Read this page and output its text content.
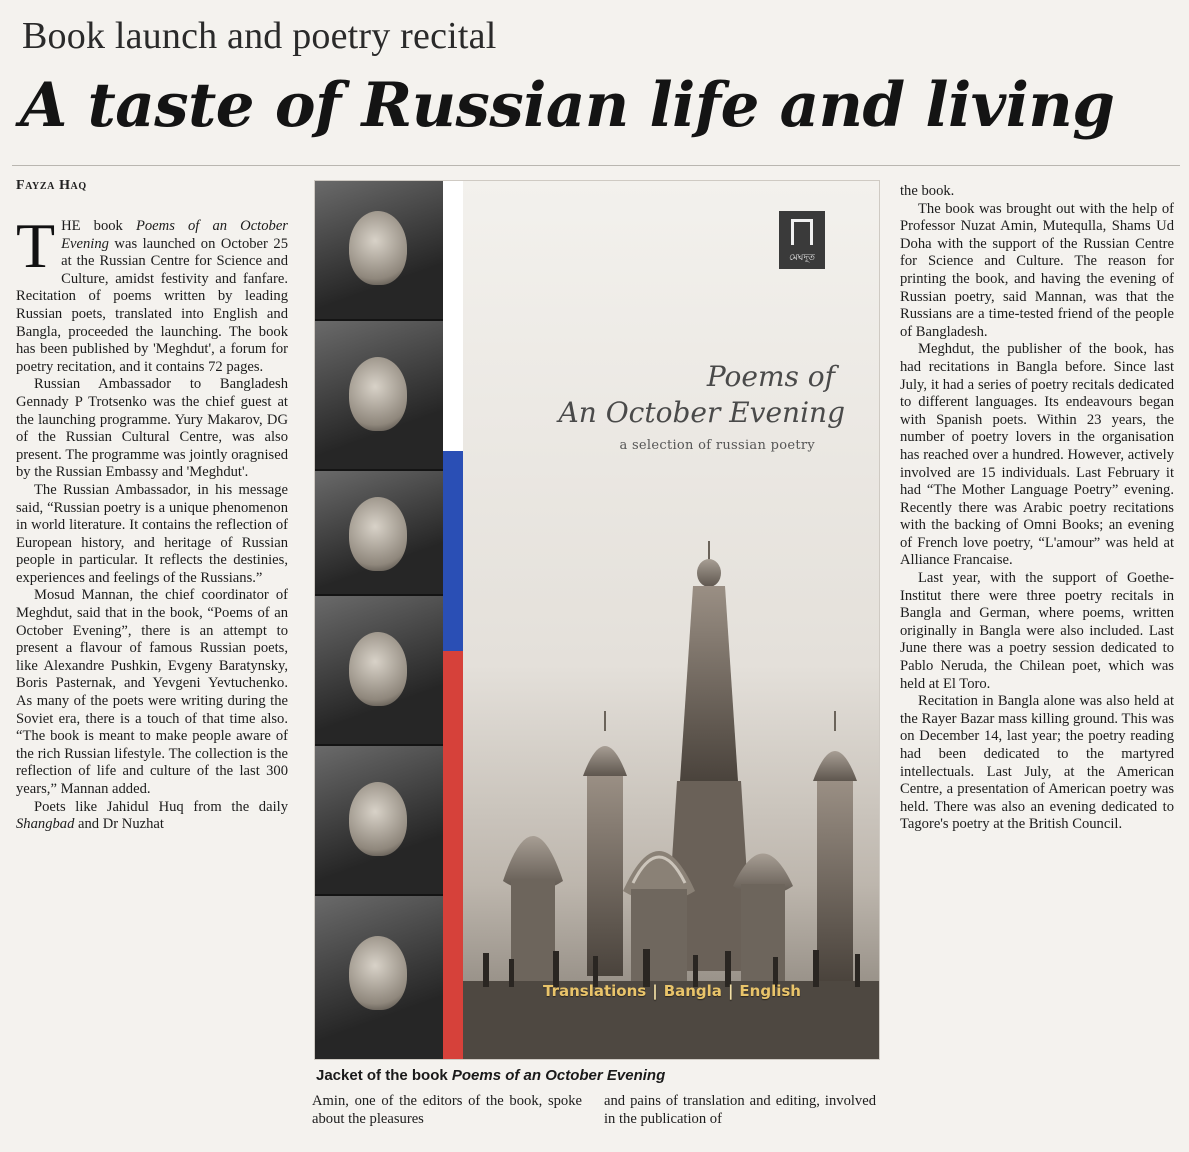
Book launch and poetry recital
A taste of Russian life and living
Fayza Haq

THE book Poems of an October Evening was launched on October 25 at the Russian Centre for Science and Culture, amidst festivity and fanfare. Recitation of poems written by leading Russian poets, translated into English and Bangla, proceeded the launching. The book has been published by 'Meghdut', a forum for poetry recitation, and it contains 72 pages.

Russian Ambassador to Bangladesh Gennady P Trotsenko was the chief guest at the launching programme. Yury Makarov, DG of the Russian Cultural Centre, was also present. The programme was jointly oragnised by the Russian Embassy and 'Meghdut'.

The Russian Ambassador, in his message said, “Russian poetry is a unique phenomenon in world literature. It contains the reflection of European history, and heritage of Russian people in particular. It reflects the destinies, experiences and feelings of the Russians.”

Mosud Mannan, the chief coordinator of Meghdut, said that in the book, “Poems of an October Evening”, there is an attempt to present a flavour of famous Russian poets, like Alexandre Pushkin, Evgeny Baratynsky, Boris Pasternak, and Yevgeni Yevtuchenko. As many of the poets were writing during the Soviet era, there is a touch of that time also. “The book is meant to make people aware of the rich Russian lifestyle. The collection is the reflection of life and culture of the last 300 years,” Mannan added.

Poets like Jahidul Huq from the daily Shangbad and Dr Nuzhat

মেঘদূত
Poems of
An October Evening
a selection of russian poetry
Translations | Bangla | English
Jacket of the book Poems of an October Evening

Amin, one of the editors of the book, spoke about the pleasures

and pains of translation and editing, involved in the publication of

the book.

The book was brought out with the help of Professor Nuzat Amin, Mutequlla, Shams Ud Doha with the support of the Russian Centre for Science and Culture. The reason for printing the book, and having the evening of Russian poetry, said Mannan, was that the Russians are a time-tested friend of the people of Bangladesh.

Meghdut, the publisher of the book, has had recitations in Bangla before. Since last July, it had a series of poetry recitals dedicated to different languages. Its endeavours began with Spanish poets. Within 23 years, the number of poetry lovers in the organisation has reached over a hundred. However, actively involved are 15 individuals. Last February it had “The Mother Language Poetry” evening. Recently there was Arabic poetry recitations with the backing of Omni Books; an evening of French love poetry, “L'amour” was held at Alliance Francaise.

Last year, with the support of Goethe-Institut there were three poetry recitals in Bangla and German, where poems, written originally in Bangla were also included. Last June there was a poetry session dedicated to Pablo Neruda, the Chilean poet, which was held at El Toro.

Recitation in Bangla alone was also held at the Rayer Bazar mass killing ground. This was on December 14, last year; the poetry reading had been dedicated to the martyred intellectuals. Last July, at the American Centre, a presentation of American poetry was held. There was also an evening dedicated to Tagore's poetry at the British Council.
